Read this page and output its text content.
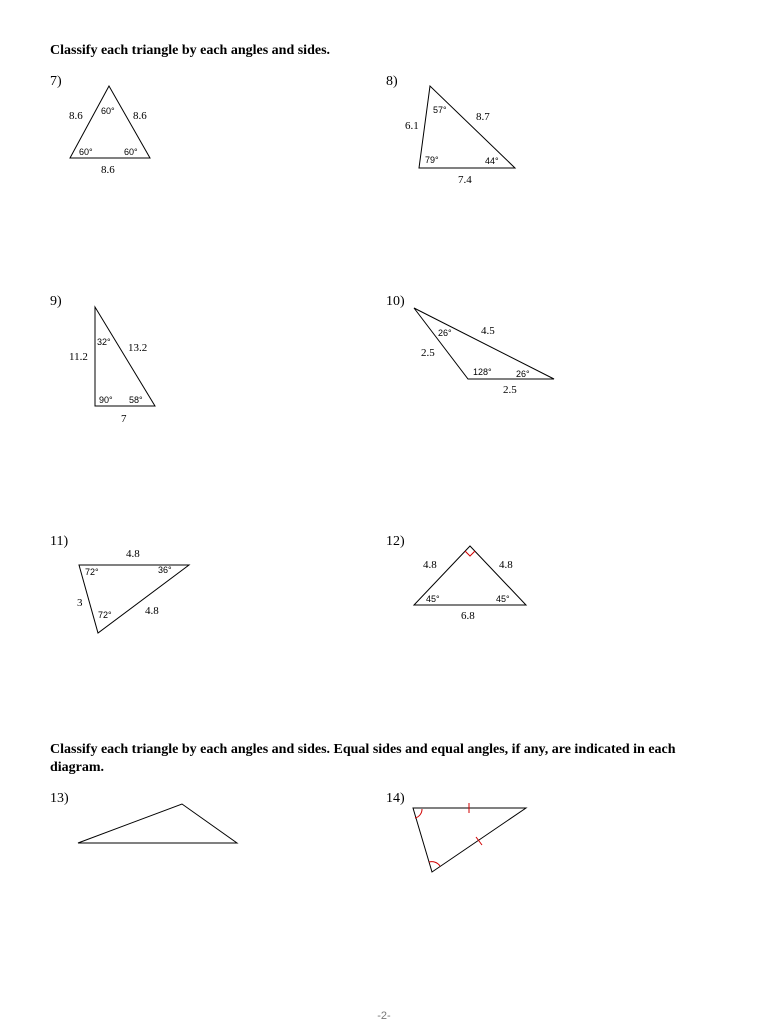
Classify each triangle by each angles and sides.
7)	8)
9)	10)
11)	12)
Classify each triangle by each angles and sides. Equal sides and equal angles, if any, are indicated in each diagram.
13)	14)
8.6	8.6
8.6
60°
60°	60°
6.1
8.7
7.4
57°
79°	44°
11.2
13.2
7
32°
90° 58°
4.5
2.5
2.5
26°
128°	26°
4.8
3
4.8
72°	36°
72°
4.8	4.8
6.8
45°	45°
-2-
